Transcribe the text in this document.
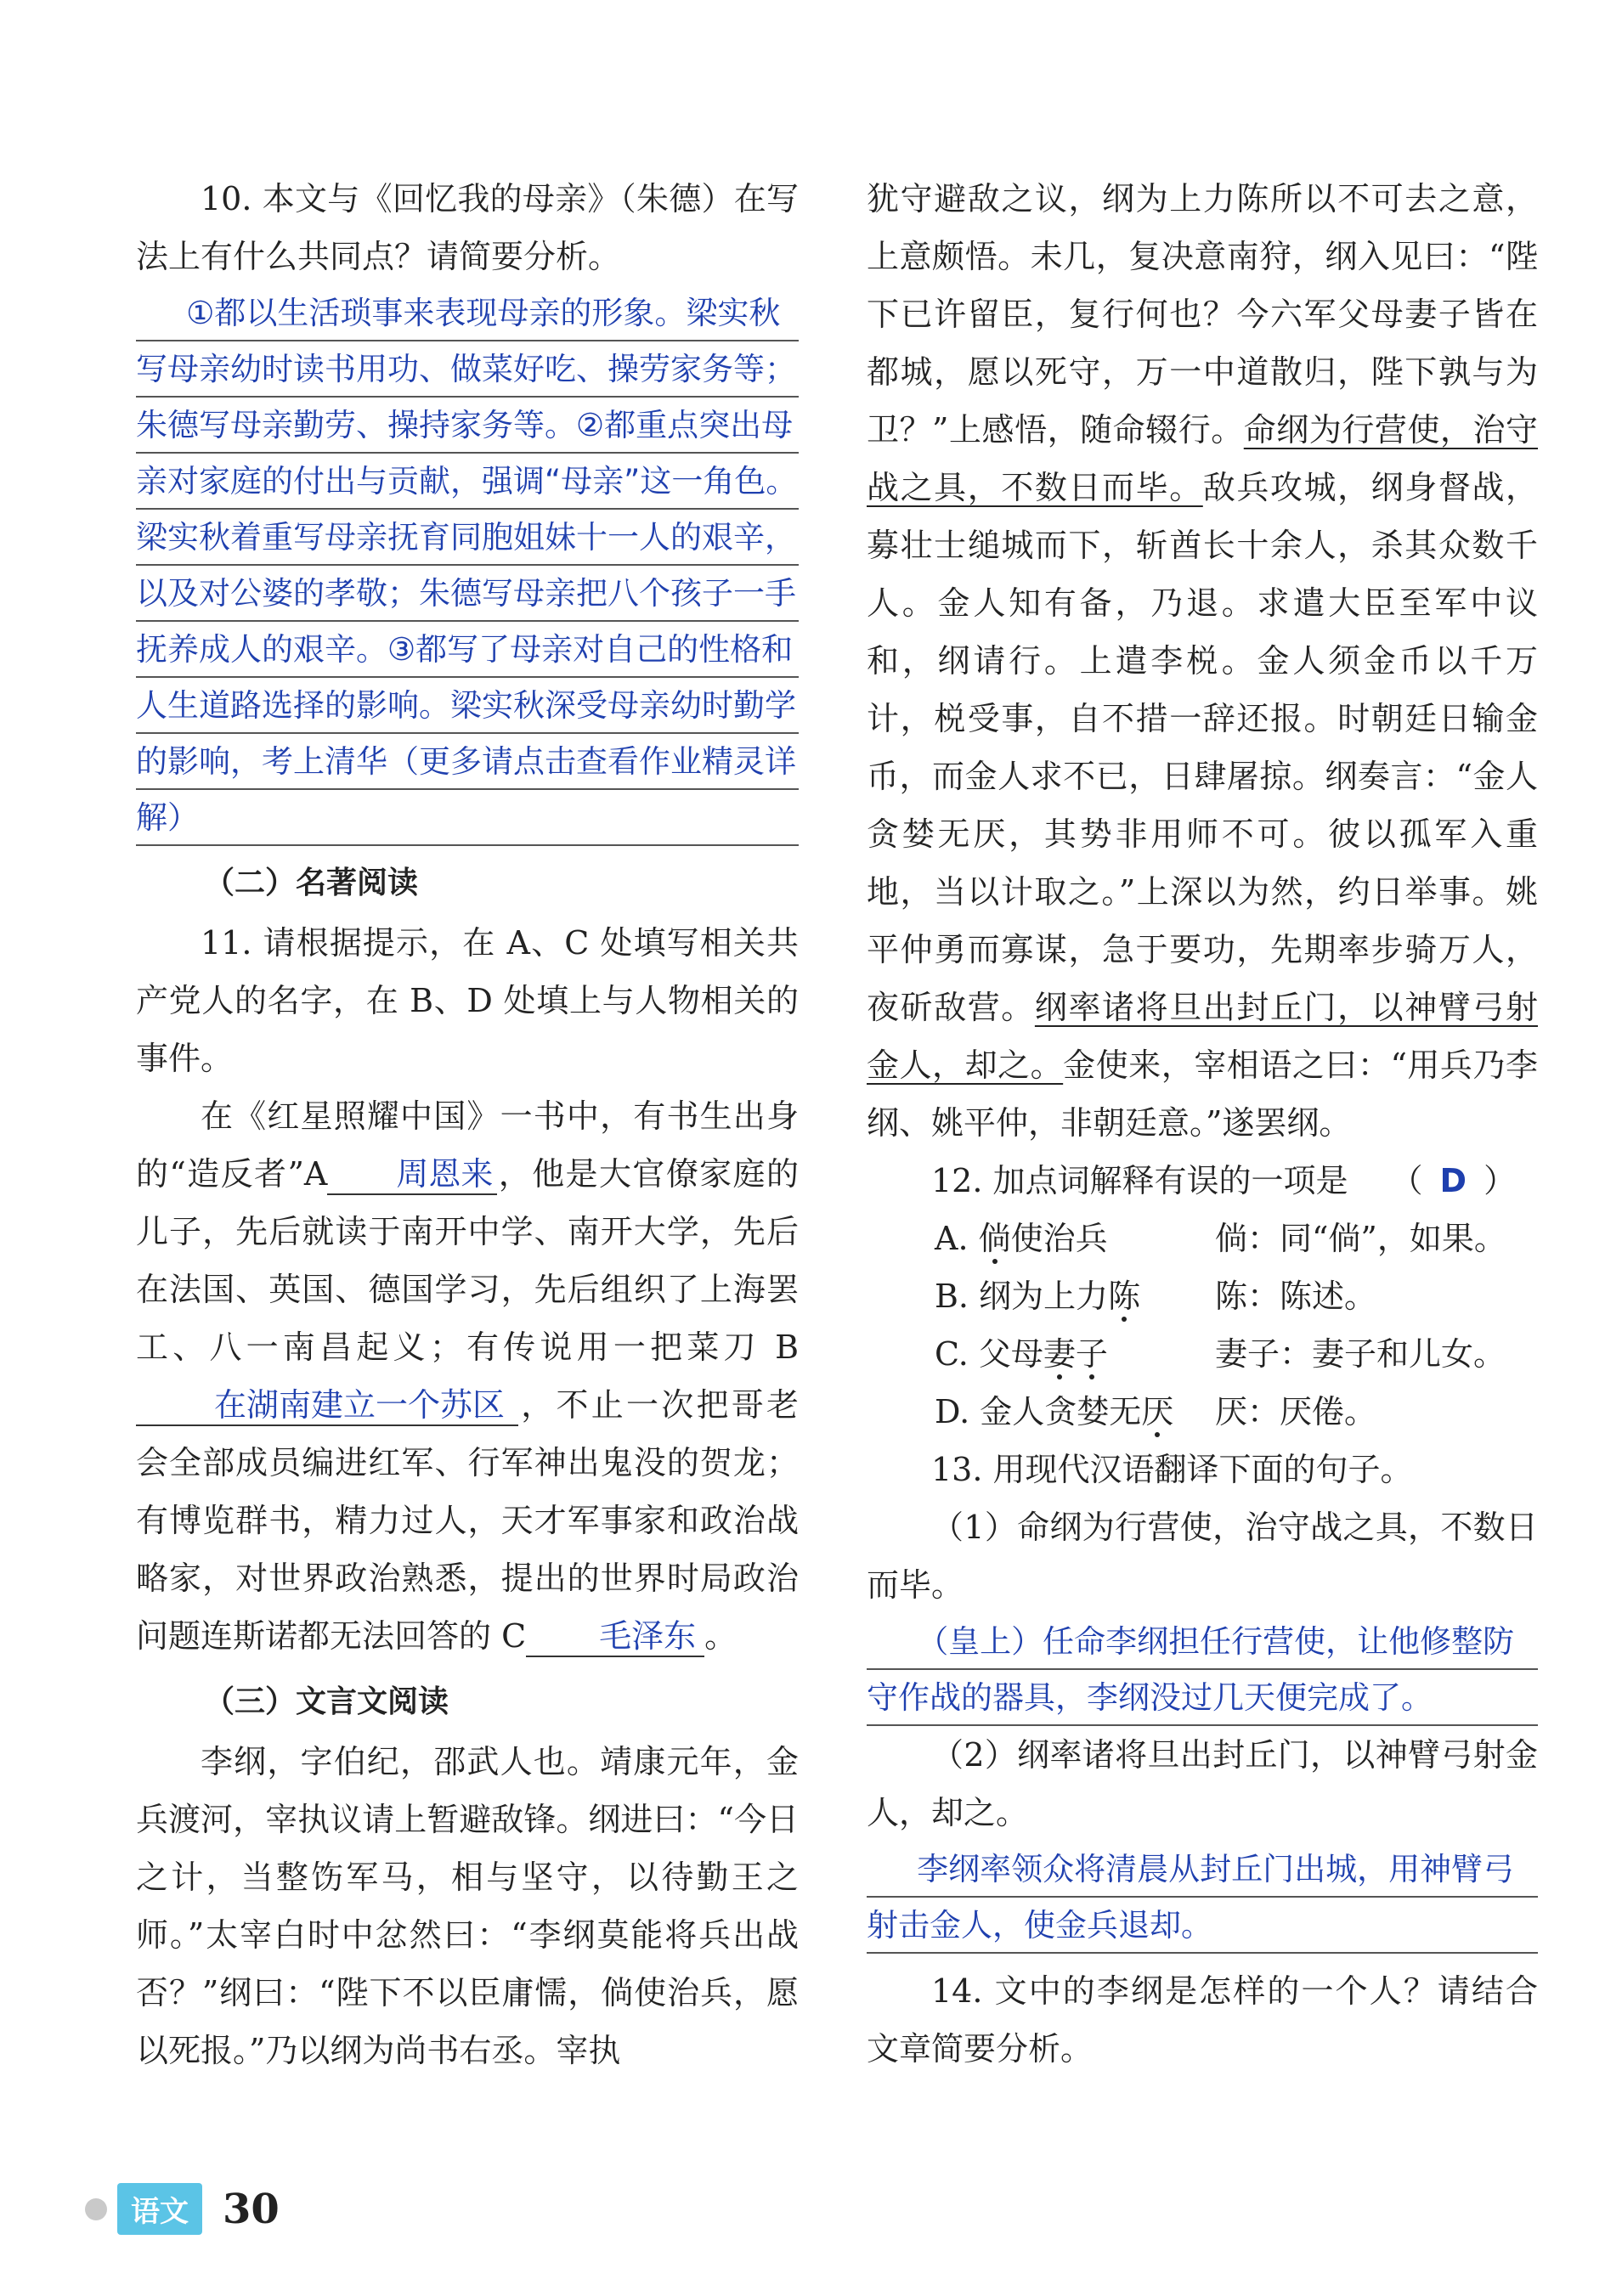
10. 本文与《回忆我的母亲》（朱德）在写法上有什么共同点？请简要分析。

①都以生活琐事来表现母亲的形象。梁实秋写母亲幼时读书用功、做菜好吃、操劳家务等；朱德写母亲勤劳、操持家务等。②都重点突出母亲对家庭的付出与贡献，强调“母亲”这一角色。梁实秋着重写母亲抚育同胞姐妹十一人的艰辛，以及对公婆的孝敬；朱德写母亲把八个孩子一手抚养成人的艰辛。③都写了母亲对自己的性格和人生道路选择的影响。梁实秋深受母亲幼时勤学的影响，考上清华（更多请点击查看作业精灵详解）

（二）名著阅读

11. 请根据提示，在 A、C 处填写相关共产党人的名字，在 B、D 处填上与人物相关的事件。

在《红星照耀中国》一书中，有书生出身的“造反者”A 周恩来 ，他是大官僚家庭的儿子，先后就读于南开中学、南开大学，先后在法国、英国、德国学习，先后组织了上海罢工、八一南昌起义；有传说用一把菜刀 B在湖南建立一个苏区 ，不止一次把哥老会全部成员编进红军、行军神出鬼没的贺龙；有博览群书，精力过人，天才军事家和政治战略家，对世界政治熟悉，提出的世界时局政治问题连斯诺都无法回答的 C 毛泽东 。

（三）文言文阅读

李纲，字伯纪，邵武人也。靖康元年，金兵渡河，宰执议请上暂避敌锋。纲进曰：“今日之计，当整饬军马，相与坚守，以待勤王之师。”太宰白时中忿然曰：“李纲莫能将兵出战否？”纲曰：“陛下不以臣庸懦，倘使治兵，愿以死报。”乃以纲为尚书右丞。宰执

犹守避敌之议，纲为上力陈所以不可去之意，上意颇悟。未几，复决意南狩，纲入见曰：“陛下已许留臣，复行何也？今六军父母妻子皆在都城，愿以死守，万一中道散归，陛下孰与为卫？”上感悟，随命辍行。命纲为行营使，治守战之具，不数日而毕。敌兵攻城，纲身督战，募壮士缒城而下，斩酋长十余人，杀其众数千人。金人知有备，乃退。求遣大臣至军中议和，纲请行。上遣李棁。金人须金币以千万计，棁受事，自不措一辞还报。时朝廷日输金币，而金人求不已，日肆屠掠。纲奏言：“金人贪婪无厌，其势非用师不可。彼以孤军入重地，当以计取之。”上深以为然，约日举事。姚平仲勇而寡谋，急于要功，先期率步骑万人，夜斫敌营。纲率诸将旦出封丘门，以神臂弓射金人，却之。金使来，宰相语之曰：“用兵乃李纲、姚平仲，非朝廷意。”遂罢纲。

12. 加点词解释有误的一项是 （ D ）

A. 倘使治兵	倘：同“倘”，如果。

B. 纲为上力陈	陈：陈述。

C. 父母妻子	妻子：妻子和儿女。

D. 金人贪婪无厌	厌：厌倦。

13. 用现代汉语翻译下面的句子。

（1）命纲为行营使，治守战之具，不数日而毕。

（皇上）任命李纲担任行营使，让他修整防守作战的器具，李纲没过几天便完成了。

（2）纲率诸将旦出封丘门，以神臂弓射金人，却之。

李纲率领众将清晨从封丘门出城，用神臂弓射击金人，使金兵退却。

14. 文中的李纲是怎样的一个人？请结合文章简要分析。

语文 30
